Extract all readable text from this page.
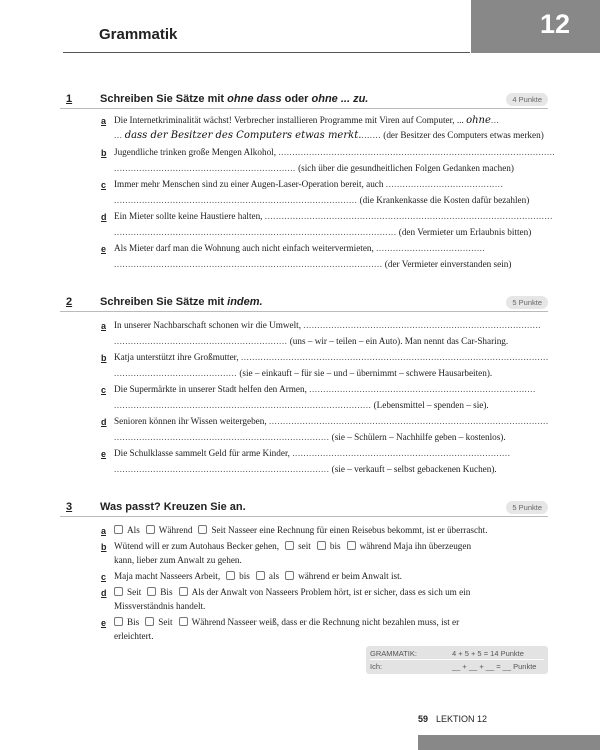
Grammatik	12
1	Schreiben Sie Sätze mit ohne dass oder ohne ... zu.	4 Punkte
a Die Internetkriminalität wächst! Verbrecher installieren Programme mit Viren auf Computer, ... ohne...
... dass der Besitzer des Computers etwas merkt........ (der Besitzer des Computers etwas merken)
b Jugendliche trinken große Mengen Alkohol, ...................................................................................................
................................................................. (sich über die gesundheitlichen Folgen Gedanken machen)
c Immer mehr Menschen sind zu einer Augen-Laser-Operation bereit, auch ..........................................
....................................................................................... (die Krankenkasse die Kosten dafür bezahlen)
d Ein Mieter sollte keine Haustiere halten, .......................................................................................................
..................................................................................................... (den Vermieter um Erlaubnis bitten)
e Als Mieter darf man die Wohnung auch nicht einfach weitervermieten, .......................................
................................................................................................ (der Vermieter einverstanden sein)
2	Schreiben Sie Sätze mit indem.	5 Punkte
a In unserer Nachbarschaft schonen wir die Umwelt, .....................................................................................
.............................................................. (uns – wir – teilen – ein Auto). Man nennt das Car-Sharing.
b Katja unterstützt ihre Großmutter, ..............................................................................................................
............................................ (sie – einkauft – für sie – und – übernimmt – schwere Hausarbeiten).
c Die Supermärkte in unserer Stadt helfen den Armen, .................................................................................
............................................................................................ (Lebensmittel – spenden – sie).
d Senioren können ihr Wissen weitergeben, ....................................................................................................
............................................................................. (sie – Schülern – Nachhilfe geben – kostenlos).
e Die Schulklasse sammelt Geld für arme Kinder, ..............................................................................
............................................................................. (sie – verkauft – selbst gebackenen Kuchen).
3	Was passt? Kreuzen Sie an.	5 Punkte
a	Als Während Seit Nasseer eine Rechnung für einen Reisebus bekommt, ist er überrascht.
b Wütend will er zum Autohaus Becker gehen, seit bis während Maja ihn überzeugen
kann, lieber zum Anwalt zu gehen.
c Maja macht Nasseers Arbeit, bis als während er beim Anwalt ist.
d	Seit Bis Als der Anwalt von Nasseers Problem hört, ist er sicher, dass es sich um ein
Missverständnis handelt.
e	Bis Seit Während Nasseer weiß, dass er die Rechnung nicht bezahlen muss, ist er
erleichtert.
GRAMMATIK:	4 + 5 + 5 = 14 Punkte
Ich:	__ + __ + __ = __ Punkte
59 LEKTION 12
